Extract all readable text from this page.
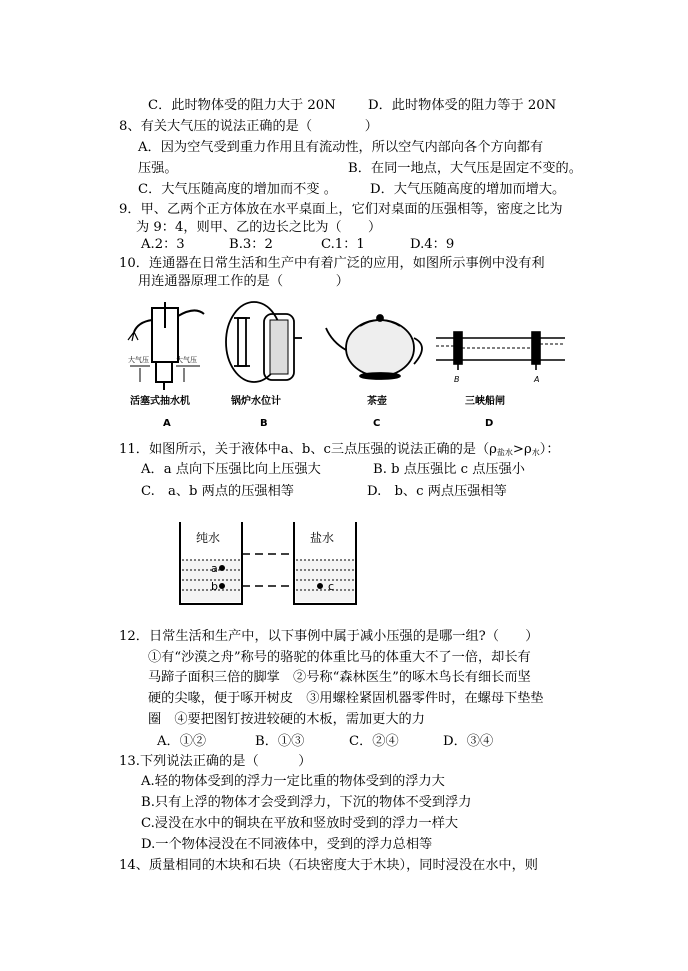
C．此时物体受的阻力大于 20N D．此时物体受的阻力等于 20N
8、有关大气压的说法正确的是（　　　　）
A．因为空气受到重力作用且有流动性，所以空气内部向各个方向都有
压强。	B．在同一地点，大气压是固定不变的。
C．大气压随高度的增加而不变 。	D．大气压随高度的增加而增大。
9．甲、乙两个正方体放在水平桌面上，它们对桌面的压强相等，密度之比为
为 9：4，则甲、乙的边长之比为（　　）
A.2：3	B.3：2	C.1：1	D.4：9
10．连通器在日常生活和生产中有着广泛的应用，如图所示事例中没有利
用连通器原理工作的是（　　　　）
大气压	大气压
活塞式抽水机
A
锅炉水位计
B
茶壶
C
B	A
三峡船闸
D
11．如图所示，关于液体中a、b、c三点压强的说法正确的是$(\rho_{盐水}>\rho_水)$：
A．a 点向下压强比向上压强大	B. b 点压强比 c 点压强小
C.　a、b 两点的压强相等	D.　b、c 两点压强相等
纯水	盐水
a
b	c
12．日常生活和生产中，以下事例中属于减小压强的是哪一组?（　　）
①有“沙漠之舟”称号的骆驼的体重比马的体重大不了一倍，却长有
马蹄子面积三倍的脚掌　②号称“森林医生”的啄木鸟长有细长而坚
硬的尖喙，便于啄开树皮　③用螺栓紧固机器零件时，在螺母下垫垫
圈　④要把图钉按进较硬的木板，需加更大的力
A．①②	B．①③	C．②④	D．③④
13.下列说法正确的是（　　　）
A.轻的物体受到的浮力一定比重的物体受到的浮力大
B.只有上浮的物体才会受到浮力，下沉的物体不受到浮力
C.浸没在水中的铜块在平放和竖放时受到的浮力一样大
D.一个物体浸没在不同液体中，受到的浮力总相等
14、质量相同的木块和石块（石块密度大于木块），同时浸没在水中，则
